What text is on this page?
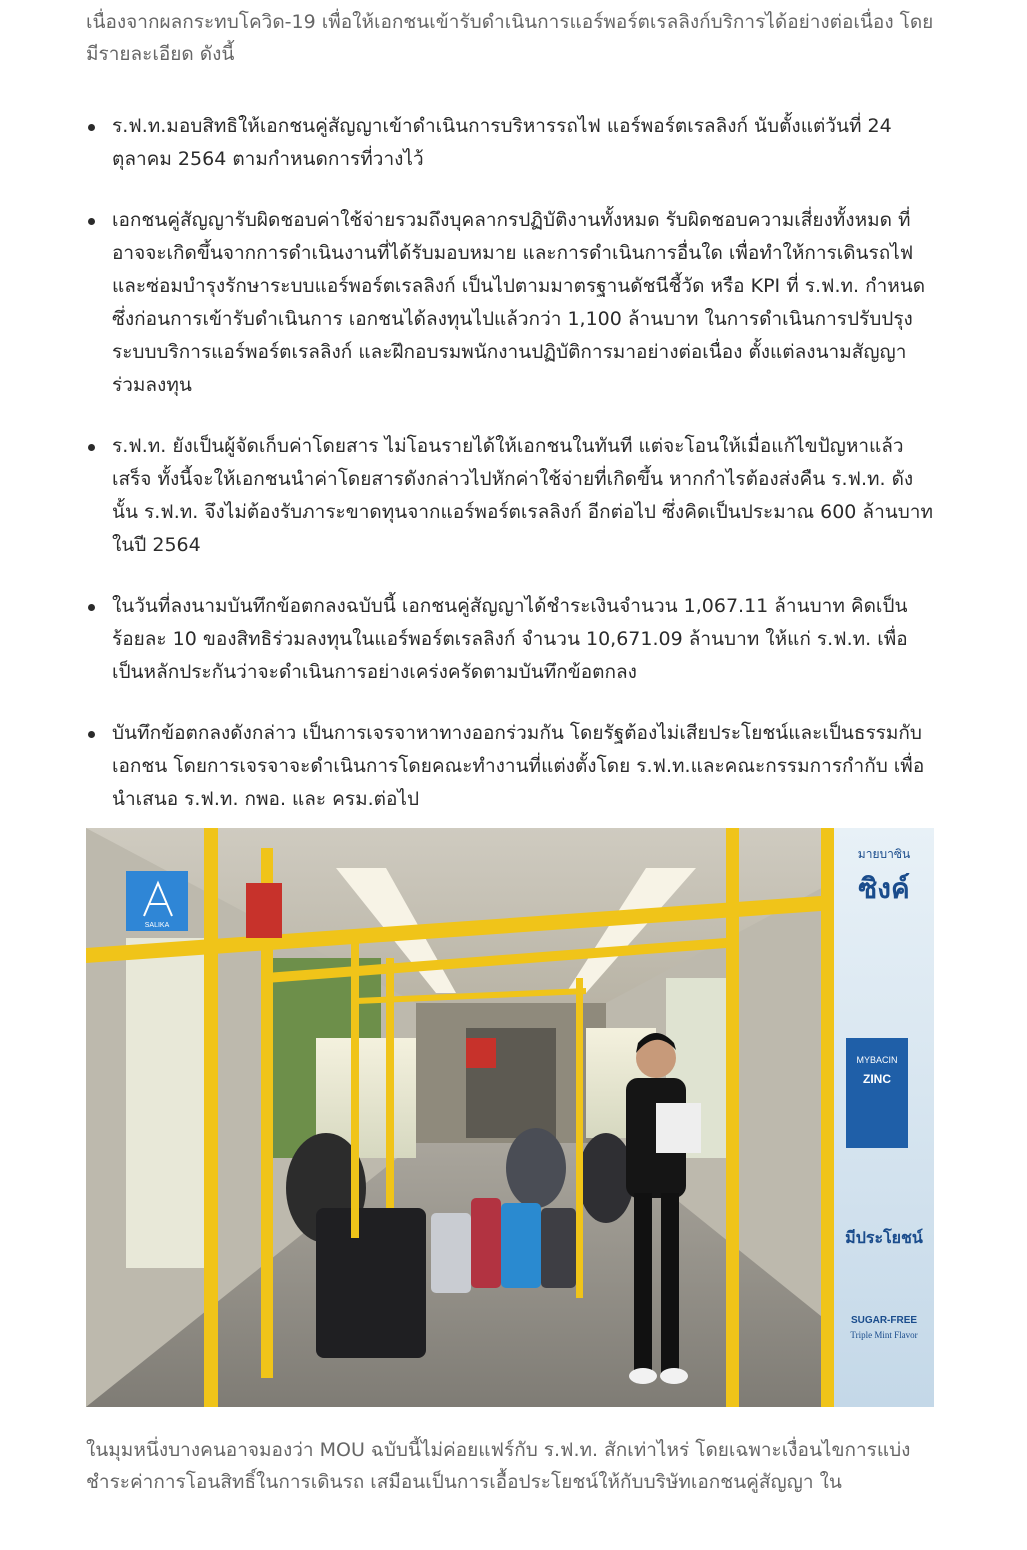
เนื่องจากผลกระทบโควิด-19 เพื่อให้เอกชนเข้ารับดำเนินการแอร์พอร์ตเรลลิงก์บริการได้อย่างต่อเนื่อง โดยมีรายละเอียด ดังนี้

ร.ฟ.ท.มอบสิทธิให้เอกชนคู่สัญญาเข้าดำเนินการบริหารรถไฟ แอร์พอร์ตเรลลิงก์ นับตั้งแต่วันที่ 24 ตุลาคม 2564 ตามกำหนดการที่วางไว้
เอกชนคู่สัญญารับผิดชอบค่าใช้จ่ายรวมถึงบุคลากรปฏิบัติงานทั้งหมด รับผิดชอบความเสี่ยงทั้งหมด ที่อาจจะเกิดขึ้นจากการดำเนินงานที่ได้รับมอบหมาย และการดำเนินการอื่นใด เพื่อทำให้การเดินรถไฟและซ่อมบำรุงรักษาระบบแอร์พอร์ตเรลลิงก์ เป็นไปตามมาตรฐานดัชนีชี้วัด หรือ KPI ที่ ร.ฟ.ท. กำหนด ซึ่งก่อนการเข้ารับดำเนินการ เอกชนได้ลงทุนไปแล้วกว่า 1,100 ล้านบาท ในการดำเนินการปรับปรุงระบบบริการแอร์พอร์ตเรลลิงก์ และฝึกอบรมพนักงานปฏิบัติการมาอย่างต่อเนื่อง ตั้งแต่ลงนามสัญญาร่วมลงทุน
ร.ฟ.ท. ยังเป็นผู้จัดเก็บค่าโดยสาร ไม่โอนรายได้ให้เอกชนในทันที แต่จะโอนให้เมื่อแก้ไขปัญหาแล้วเสร็จ ทั้งนี้จะให้เอกชนนำค่าโดยสารดังกล่าวไปหักค่าใช้จ่ายที่เกิดขึ้น หากกำไรต้องส่งคืน ร.ฟ.ท. ดังนั้น ร.ฟ.ท. จึงไม่ต้องรับภาระขาดทุนจากแอร์พอร์ตเรลลิงก์ อีกต่อไป ซึ่งคิดเป็นประมาณ 600 ล้านบาทในปี 2564
ในวันที่ลงนามบันทึกข้อตกลงฉบับนี้ เอกชนคู่สัญญาได้ชำระเงินจำนวน 1,067.11 ล้านบาท คิดเป็นร้อยละ 10 ของสิทธิร่วมลงทุนในแอร์พอร์ตเรลลิงก์ จำนวน 10,671.09 ล้านบาท ให้แก่ ร.ฟ.ท. เพื่อเป็นหลักประกันว่าจะดำเนินการอย่างเคร่งครัดตามบันทึกข้อตกลง
บันทึกข้อตกลงดังกล่าว เป็นการเจรจาหาทางออกร่วมกัน โดยรัฐต้องไม่เสียประโยชน์และเป็นธรรมกับเอกชน โดยการเจรจาจะดำเนินการโดยคณะทำงานที่แต่งตั้งโดย ร.ฟ.ท.และคณะกรรมการกำกับ เพื่อนำเสนอ ร.ฟ.ท. กพอ. และ ครม.ต่อไป
มายบาซิน
ซิงค์
MYBACIN
ZINC
มีประโยชน์
SUGAR-FREE
Triple Mint Flavor
SALIKA

ในมุมหนึ่งบางคนอาจมองว่า MOU ฉบับนี้ไม่ค่อยแฟร์กับ ร.ฟ.ท. สักเท่าไหร่ โดยเฉพาะเงื่อนไขการแบ่งชำระค่าการโอนสิทธิ์ในการเดินรถ เสมือนเป็นการเอื้อประโยชน์ให้กับบริษัทเอกชนคู่สัญญา ใน
